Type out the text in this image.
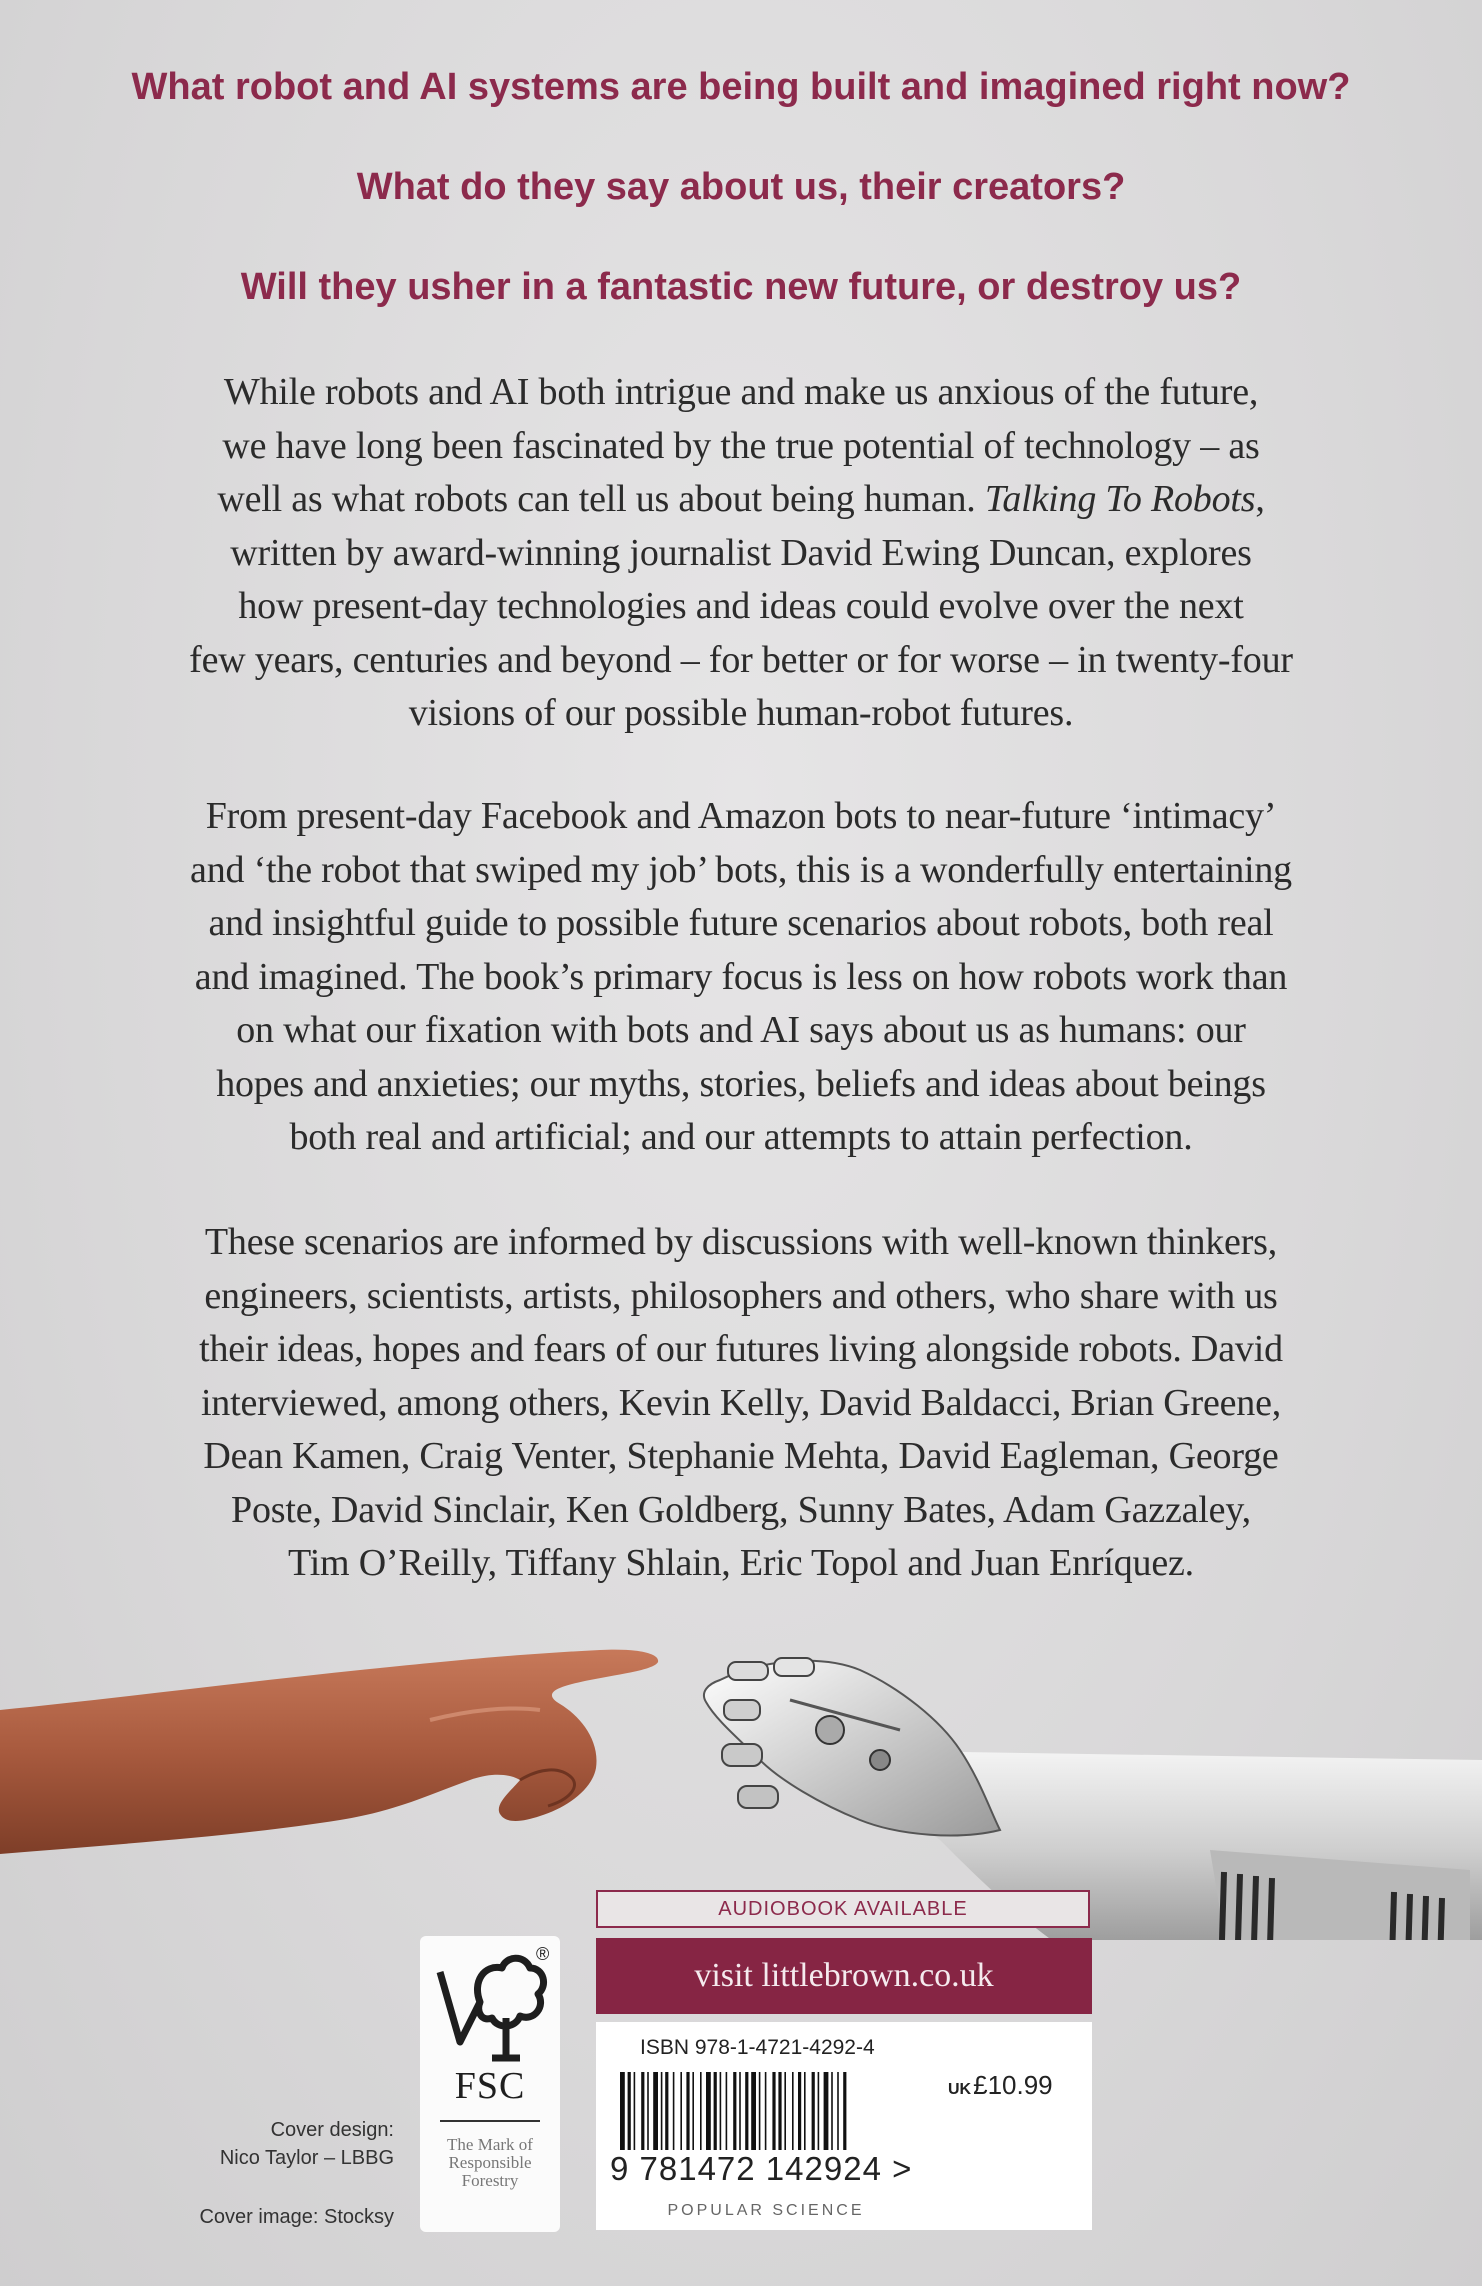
What robot and AI systems are being built and imagined right now?
What do they say about us, their creators?
Will they usher in a fantastic new future, or destroy us?

While robots and AI both intrigue and make us anxious of the future,
we have long been fascinated by the true potential of technology – as
well as what robots can tell us about being human. Talking To Robots,
written by award-winning journalist David Ewing Duncan, explores
how present-day technologies and ideas could evolve over the next
few years, centuries and beyond – for better or for worse – in twenty-four
visions of our possible human-robot futures.

From present-day Facebook and Amazon bots to near-future ‘intimacy’
and ‘the robot that swiped my job’ bots, this is a wonderfully entertaining
and insightful guide to possible future scenarios about robots, both real
and imagined. The book’s primary focus is less on how robots work than
on what our fixation with bots and AI says about us as humans: our
hopes and anxieties; our myths, stories, beliefs and ideas about beings
both real and artificial; and our attempts to attain perfection.

These scenarios are informed by discussions with well-known thinkers,
engineers, scientists, artists, philosophers and others, who share with us
their ideas, hopes and fears of our futures living alongside robots. David
interviewed, among others, Kevin Kelly, David Baldacci, Brian Greene,
Dean Kamen, Craig Venter, Stephanie Mehta, David Eagleman, George
Poste, David Sinclair, Ken Goldberg, Sunny Bates, Adam Gazzaley,
Tim O’Reilly, Tiffany Shlain, Eric Topol and Juan Enríquez.

®
FSC
The Mark of
Responsible
Forestry
Cover design:
Nico Taylor – LBBG
Cover image: Stocksy
AUDIOBOOK AVAILABLE
visit littlebrown.co.uk
ISBN 978-1-4721-4292-4
UK£10.99
9 781472 142924 >
POPULAR SCIENCE
